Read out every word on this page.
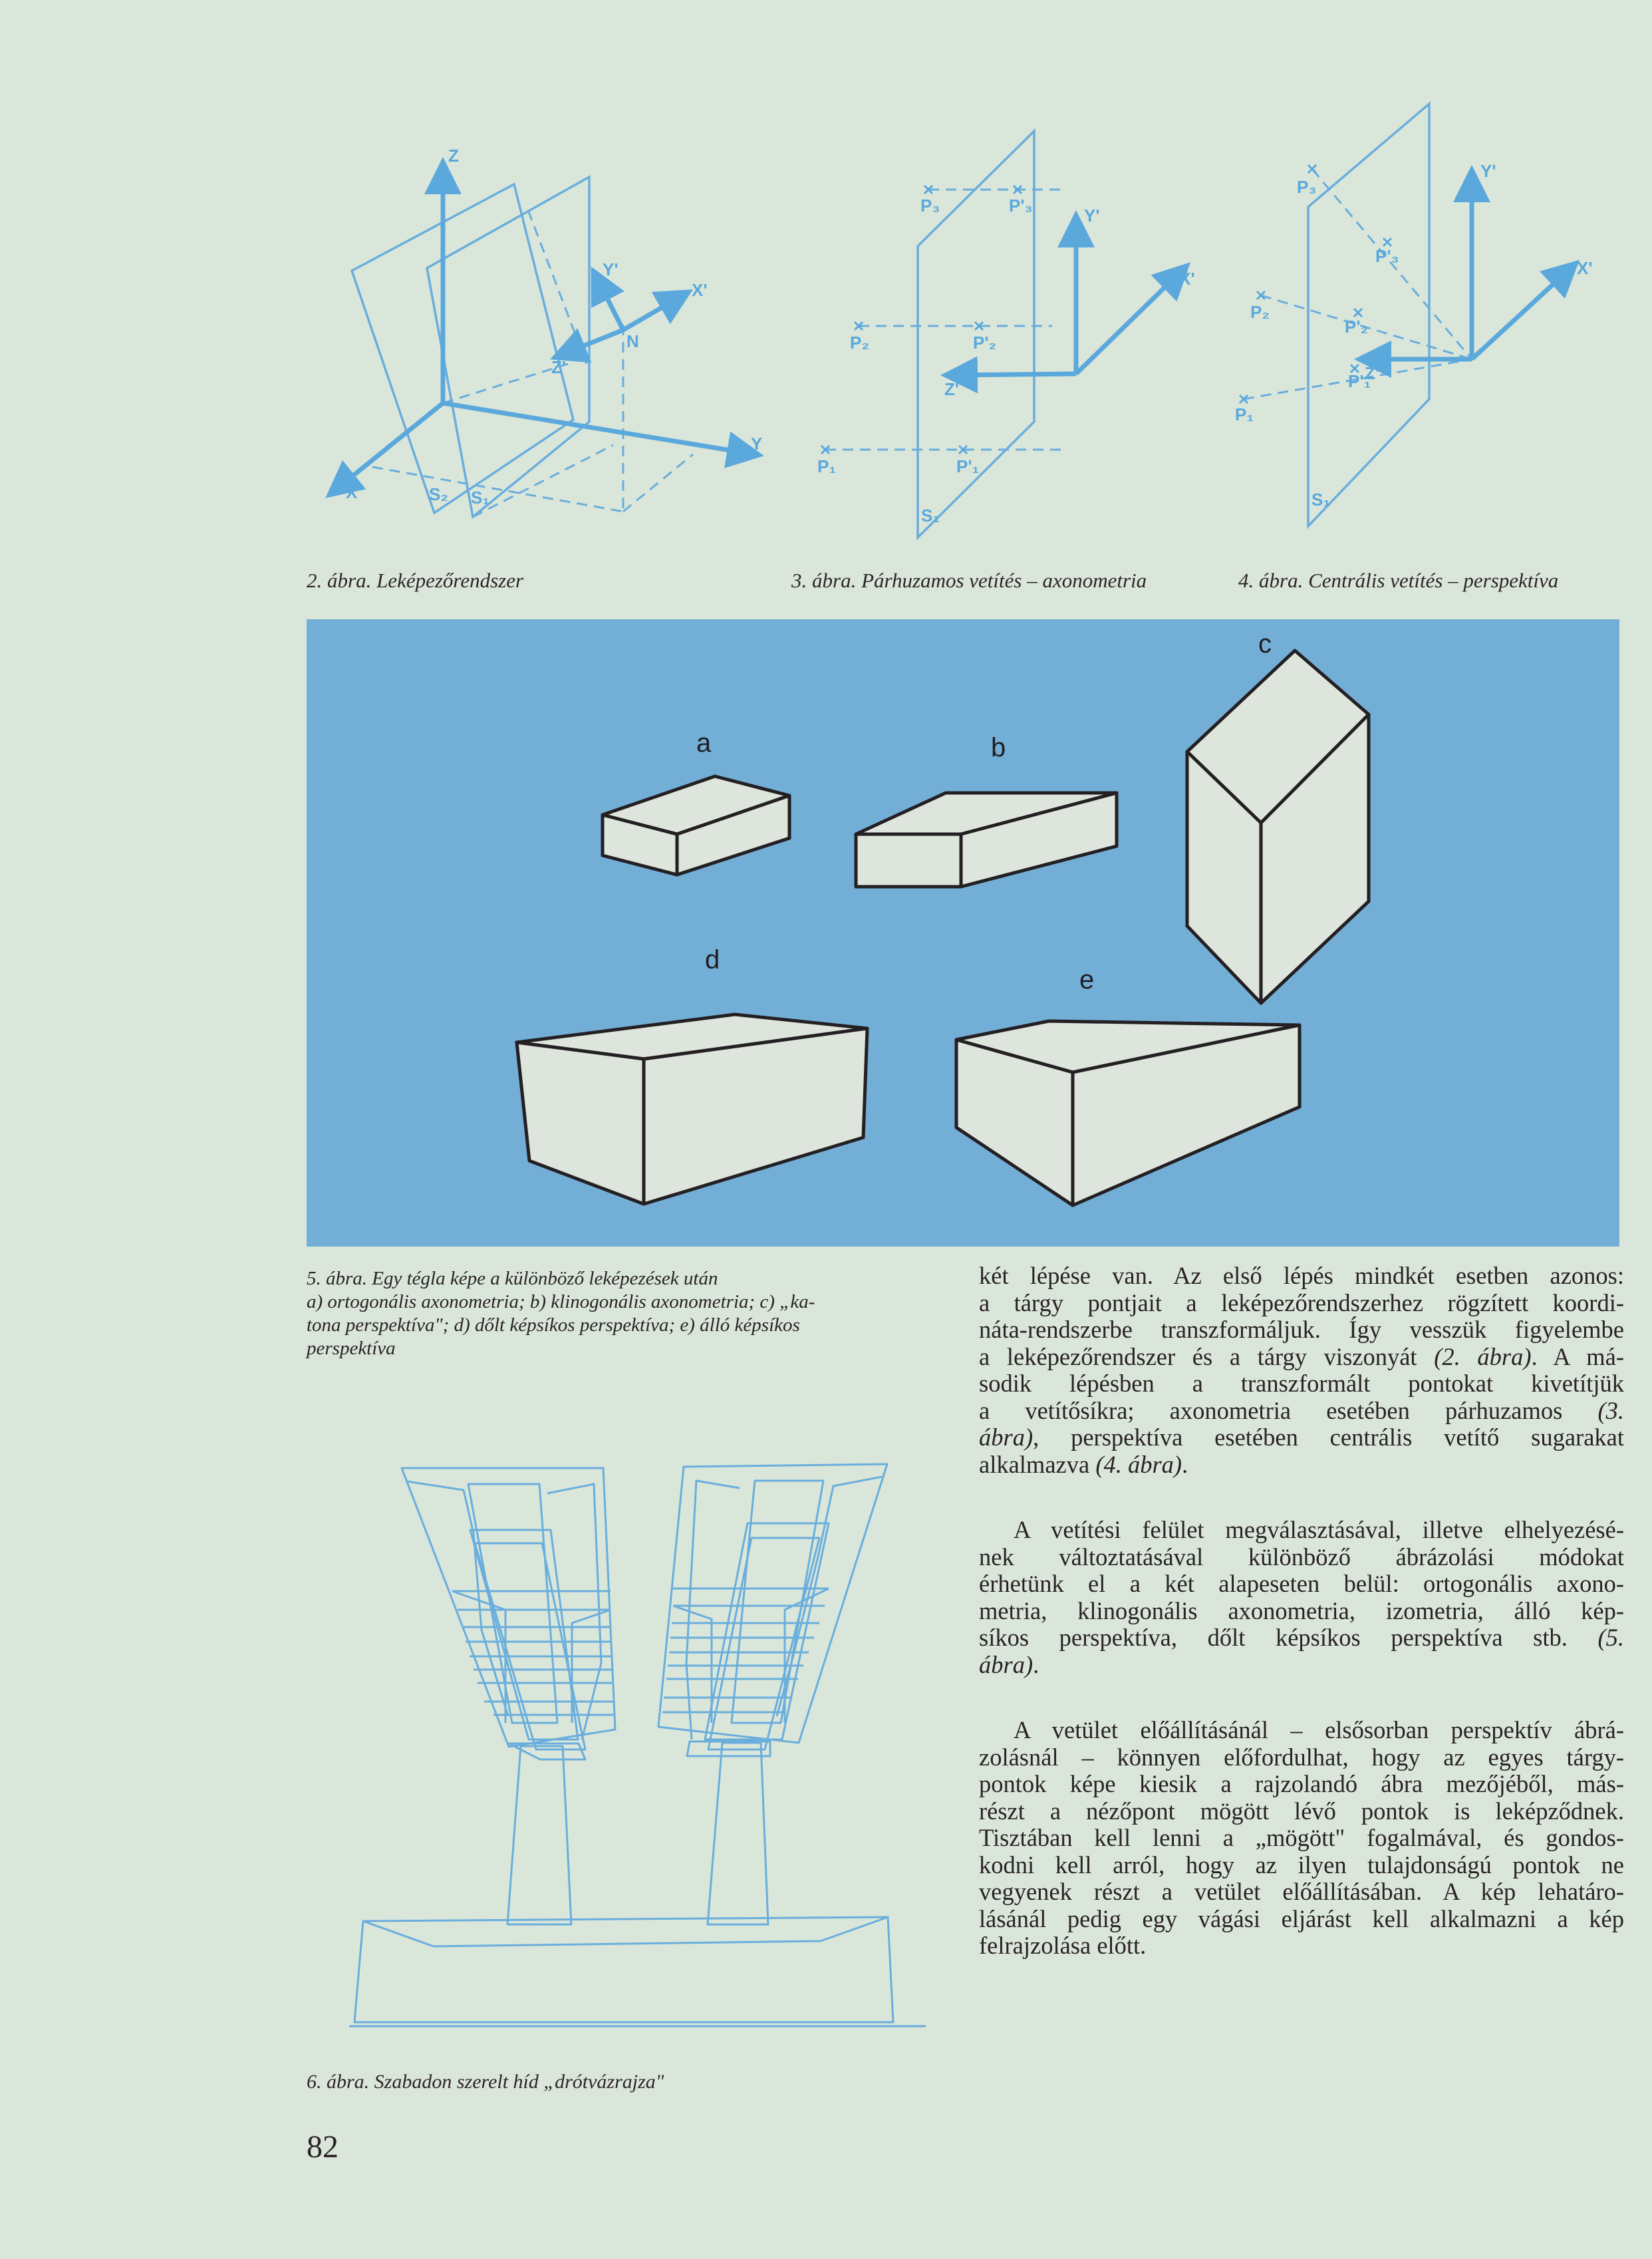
Z
X
Y
X'
Y'
Z'
N
S₂ S₁
P₃	P'₃
P₂	P'₂
P₁	P'₁
Y'
X'
Z'
S₁
P₃
P'₃
P₂
P'₂
P'₁
P₁
Y'
X'
Z'
S₁
2. ábra. Leképezőrendszer	3. ábra. Párhuzamos vetítés – axonometria	4. ábra. Centrális vetítés – perspektíva
a	b
c
d
e
5. ábra. Egy tégla képe a különböző leképezések után
a) ortogonális axonometria; b) klinogonális axonometria; c) „ka-
tona perspektíva"; d) dőlt képsíkos perspektíva; e) álló képsíkos
perspektíva
6. ábra. Szabadon szerelt híd „drótvázrajza"
két lépése van. Az első lépés mindkét esetben azonos:
a tárgy pontjait a leképezőrendszerhez rögzített koordi-
náta-rendszerbe transzformáljuk. Így vesszük figyelembe
a leképezőrendszer és a tárgy viszonyát (2. ábra). A má-
sodik lépésben a transzformált pontokat kivetítjük
a vetítősíkra; axonometria esetében párhuzamos (3.
ábra), perspektíva esetében centrális vetítő sugarakat
alkalmazva (4. ábra).
A vetítési felület megválasztásával, illetve elhelyezésé-
nek változtatásával különböző ábrázolási módokat
érhetünk el a két alapeseten belül: ortogonális axono-
metria, klinogonális axonometria, izometria, álló kép-
síkos perspektíva, dőlt képsíkos perspektíva stb. (5.
ábra).
A vetület előállításánál – elsősorban perspektív ábrá-
zolásnál – könnyen előfordulhat, hogy az egyes tárgy-
pontok képe kiesik a rajzolandó ábra mezőjéből, más-
részt a nézőpont mögött lévő pontok is leképződnek.
Tisztában kell lenni a „mögött" fogalmával, és gondos-
kodni kell arról, hogy az ilyen tulajdonságú pontok ne
vegyenek részt a vetület előállításában. A kép lehatáro-
lásánál pedig egy vágási eljárást kell alkalmazni a kép
felrajzolása előtt.
82
